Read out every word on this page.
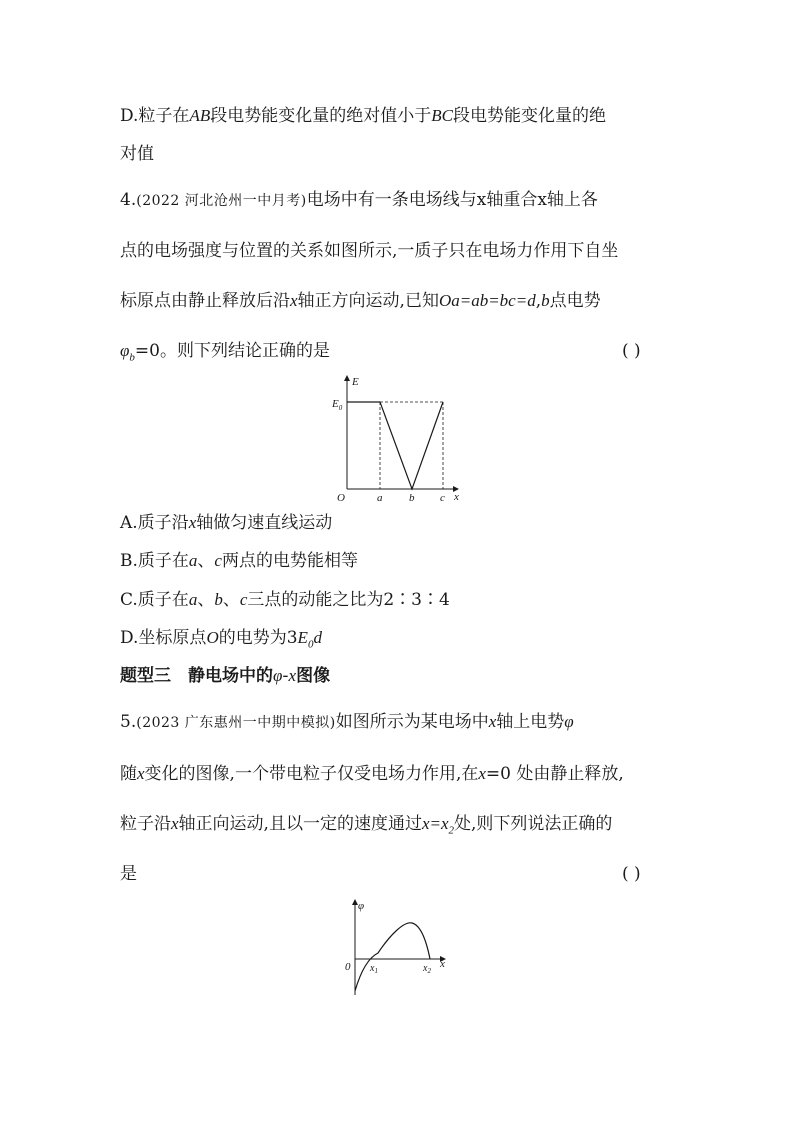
D.粒子在AB段电势能变化量的绝对值小于BC段电势能变化量的绝
对值
4.(2022 河北沧州一中月考)电场中有一条电场线与x轴重合x轴上各
点的电场强度与位置的关系如图所示,一质子只在电场力作用下自坐
标原点由静止释放后沿x轴正方向运动,已知Oa=ab=bc=d,b点电势
$\varphi_b=0$。则下列结论正确的是	( )
E
x
O
$E_0$
a b c
A.质子沿x轴做匀速直线运动
B.质子在a、c两点的电势能相等
C.质子在a、b、c三点的动能之比为2∶3∶4
D.坐标原点O的电势为$3E_0d$
题型三　静电场中的φ-x图像
5.(2023 广东惠州一中期中模拟)如图所示为某电场中x轴上电势φ
随x变化的图像,一个带电粒子仅受电场力作用,在x=0 处由静止释放,
粒子沿x轴正向运动,且以一定的速度通过$x=x_2$处,则下列说法正确的
是	( )
φ
x
0 $x_1$	$x_2$
